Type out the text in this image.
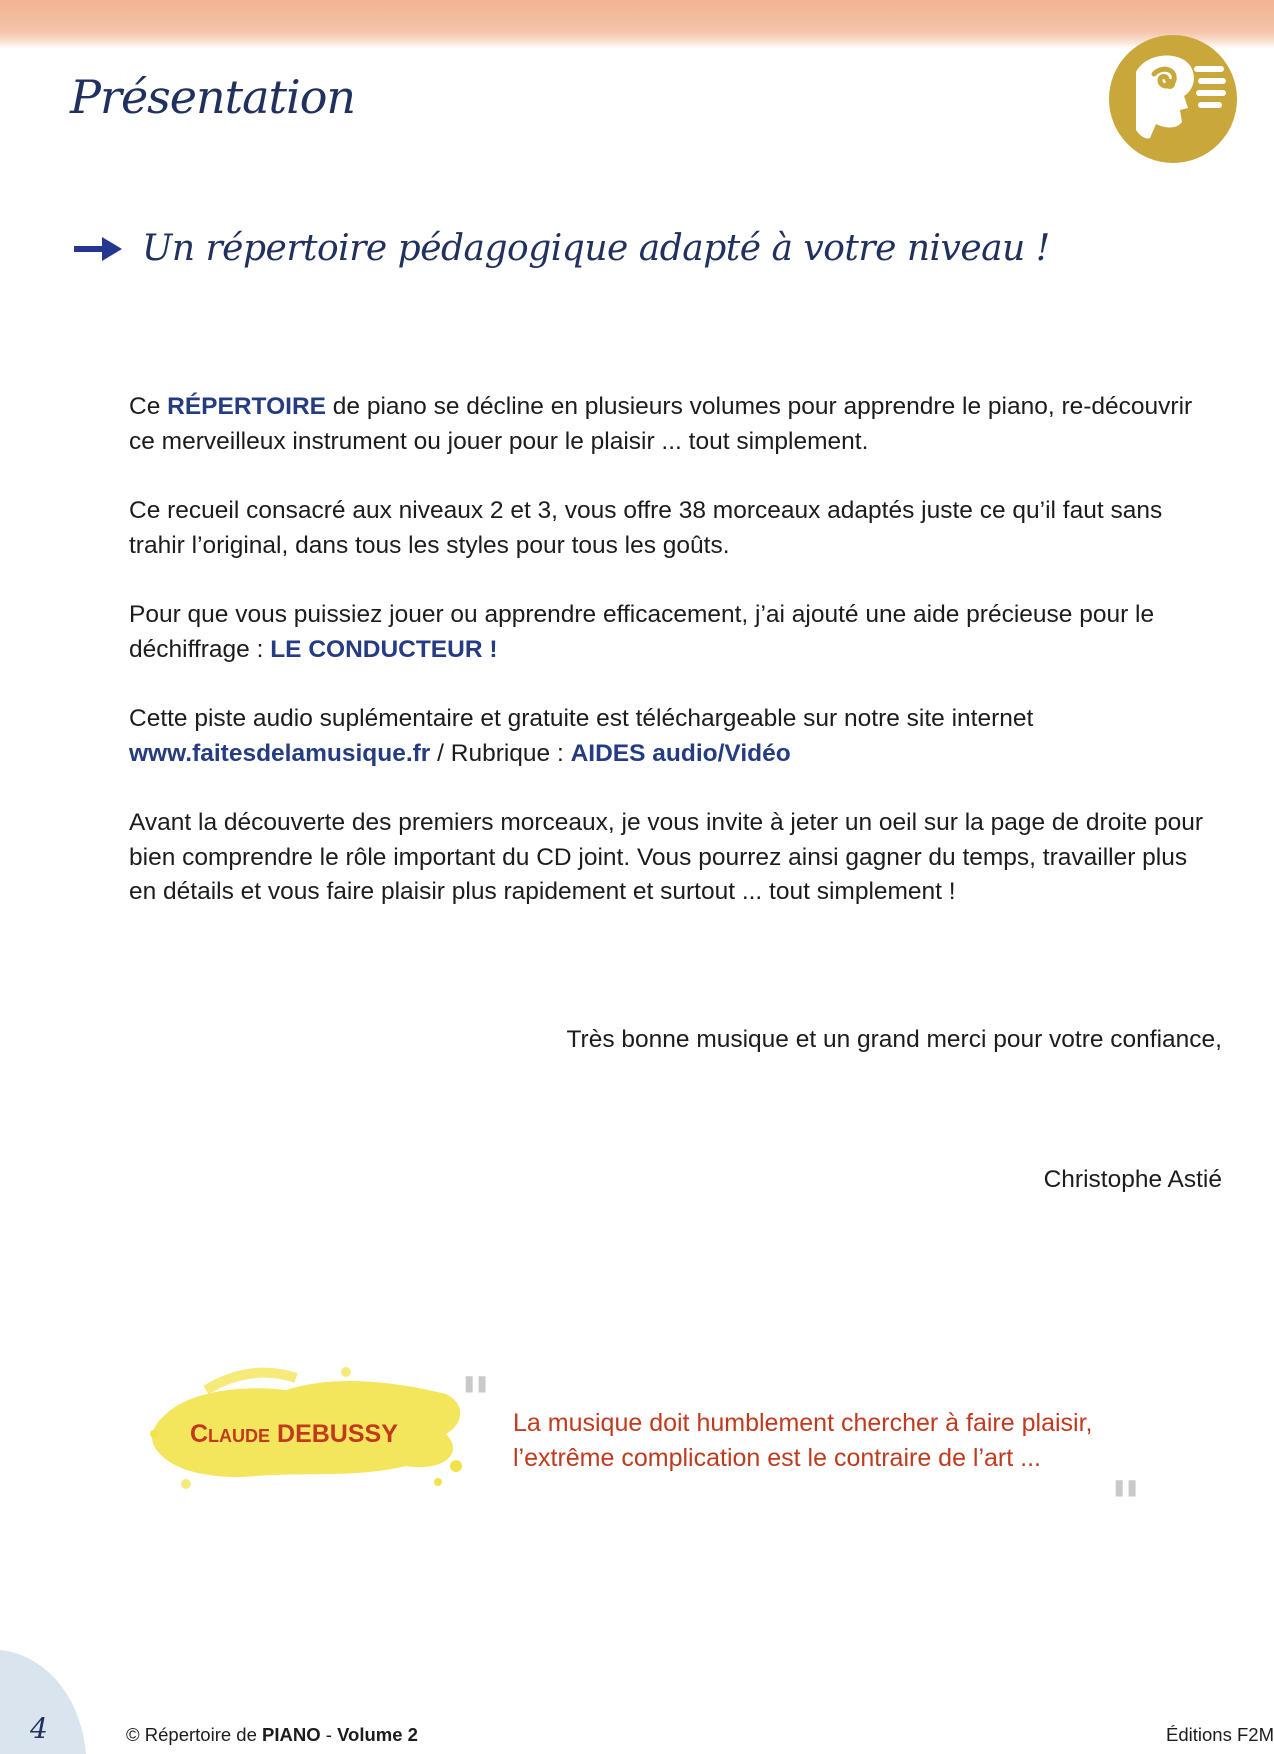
Présentation
Un répertoire pédagogique adapté à votre niveau !

Ce RÉPERTOIRE de piano se décline en plusieurs volumes pour apprendre le piano, re-découvrir ce merveilleux instrument ou jouer pour le plaisir ... tout simplement.

Ce recueil consacré aux niveaux 2 et 3, vous offre 38 morceaux adaptés juste ce qu’il faut sans trahir l’original, dans tous les styles pour tous les goûts.

Pour que vous puissiez jouer ou apprendre efficacement, j’ai ajouté une aide précieuse pour le déchiffrage : LE CONDUCTEUR !

Cette piste audio suplémentaire et gratuite est téléchargeable sur notre site internet www.faitesdelamusique.fr / Rubrique : AIDES audio/Vidéo

Avant la découverte des premiers morceaux, je vous invite à jeter un oeil sur la page de droite pour bien comprendre le rôle important du CD joint. Vous pourrez ainsi gagner du temps, travailler plus en détails et vous faire plaisir plus rapidement et surtout ... tout simplement !

Très bonne musique et un grand merci pour votre confiance,
Christophe Astié
Claude DEBUSSY " La musique doit humblement chercher à faire plaisir,
l’extrême complication est le contraire de l’art ...
"
4	© Répertoire de PIANO - Volume 2	Éditions F2M
